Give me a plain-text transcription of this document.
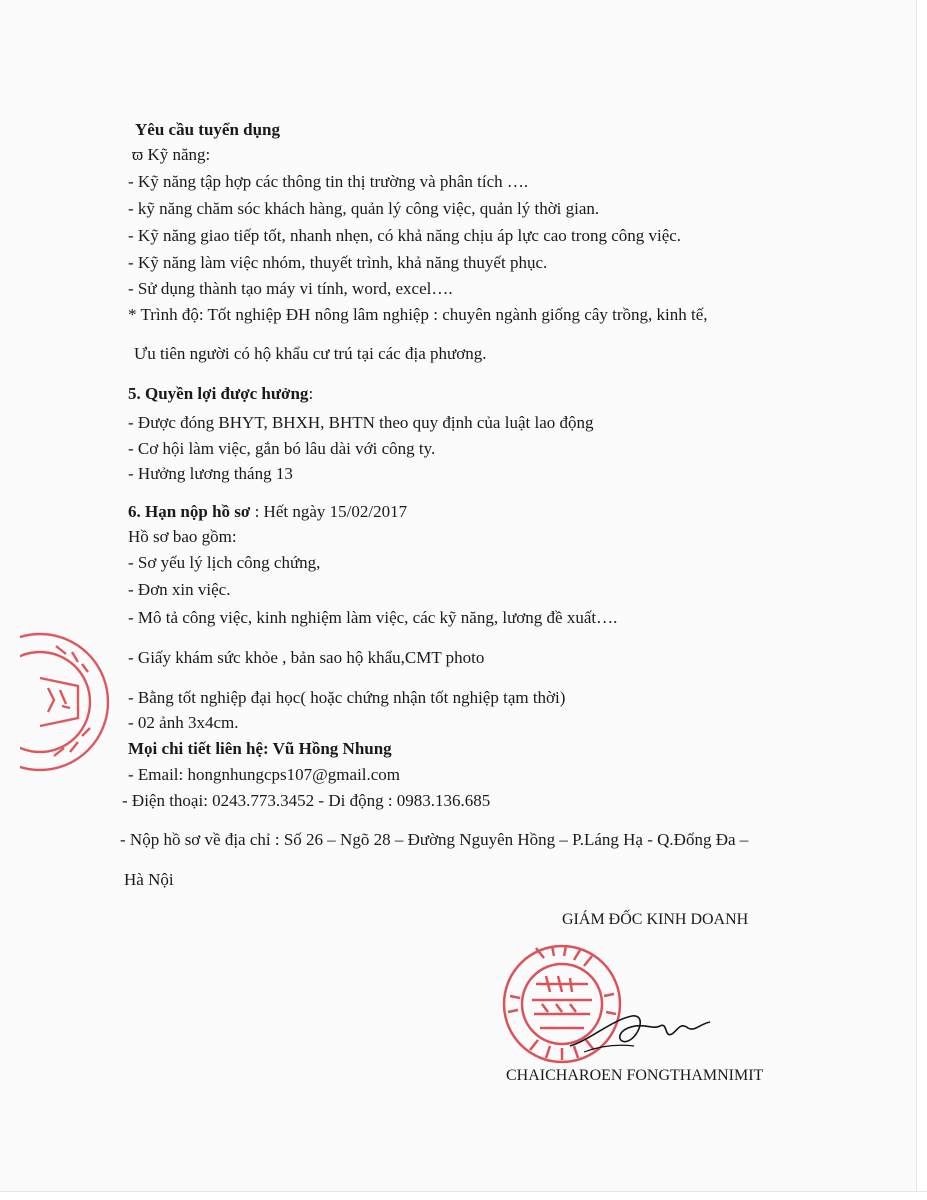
Yêu cầu tuyển dụng
ϖ Kỹ năng:
- Kỹ năng tập hợp các thông tin thị trường và phân tích ….
- kỹ năng chăm sóc khách hàng, quản lý công việc, quản lý thời gian.
- Kỹ năng giao tiếp tốt, nhanh nhẹn, có khả năng chịu áp lực cao trong công việc.
- Kỹ năng làm việc nhóm, thuyết trình, khả năng thuyết phục.
- Sử dụng thành tạo máy vi tính, word, excel….
* Trình độ: Tốt nghiệp ĐH nông lâm nghiệp : chuyên ngành giống cây trồng, kinh tế,
Ưu tiên người có hộ khẩu cư trú tại các địa phương.
5. Quyền lợi được hưởng:
- Được đóng BHYT, BHXH, BHTN theo quy định của luật lao động
- Cơ hội làm việc, gắn bó lâu dài với công ty.
- Hưởng lương tháng 13
6. Hạn nộp hồ sơ : Hết ngày 15/02/2017
Hồ sơ bao gồm:
- Sơ yếu lý lịch công chứng,
- Đơn xin việc.
- Mô tả công việc, kinh nghiệm làm việc, các kỹ năng, lương đề xuất….
- Giấy khám sức khỏe , bản sao hộ khẩu,CMT photo
- Bằng tốt nghiệp đại học( hoặc chứng nhận tốt nghiệp tạm thời)
- 02 ảnh 3x4cm.
Mọi chi tiết liên hệ: Vũ Hồng Nhung
- Email: hongnhungcps107@gmail.com
- Điện thoại: 0243.773.3452 - Di động : 0983.136.685
- Nộp hồ sơ về địa chỉ : Số 26 – Ngõ 28 – Đường Nguyên Hồng – P.Láng Hạ - Q.Đống Đa –
Hà Nội
GIÁM ĐỐC KINH DOANH
CHAICHAROEN FONGTHAMNIMIT
